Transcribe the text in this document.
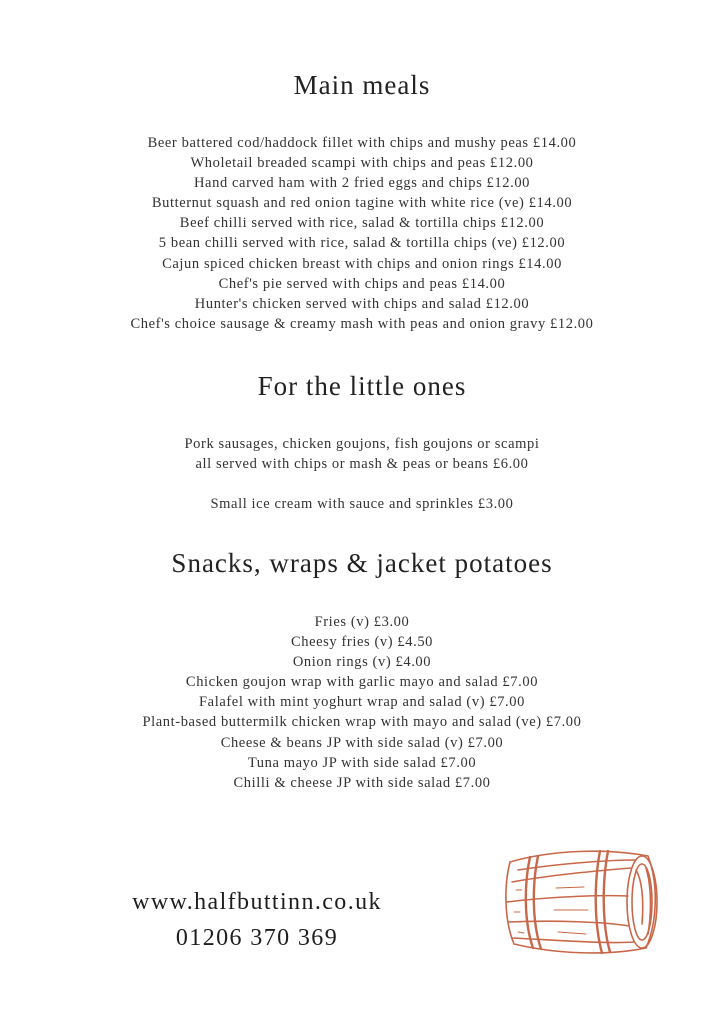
Main meals
Beer battered cod/haddock fillet with chips and mushy peas £14.00
Wholetail breaded scampi with chips and peas £12.00
Hand carved ham with 2 fried eggs and chips £12.00
Butternut squash and red onion tagine with white rice (ve) £14.00
Beef chilli served with rice, salad & tortilla chips £12.00
5 bean chilli served with rice, salad & tortilla chips (ve) £12.00
Cajun spiced chicken breast with chips and onion rings £14.00
Chef's pie served with chips and peas £14.00
Hunter's chicken served with chips and salad £12.00
Chef's choice sausage & creamy mash with peas and onion gravy £12.00
For the little ones
Pork sausages, chicken goujons, fish goujons or scampi
all served with chips or mash & peas or beans £6.00
Small ice cream with sauce and sprinkles £3.00
Snacks, wraps & jacket potatoes
Fries (v) £3.00
Cheesy fries (v) £4.50
Onion rings (v) £4.00
Chicken goujon wrap with garlic mayo and salad £7.00
Falafel with mint yoghurt wrap and salad (v) £7.00
Plant-based buttermilk chicken wrap with mayo and salad (ve) £7.00
Cheese & beans JP with side salad (v) £7.00
Tuna mayo JP with side salad £7.00
Chilli & cheese JP with side salad £7.00
www.halfbuttinn.co.uk
01206 370 369
